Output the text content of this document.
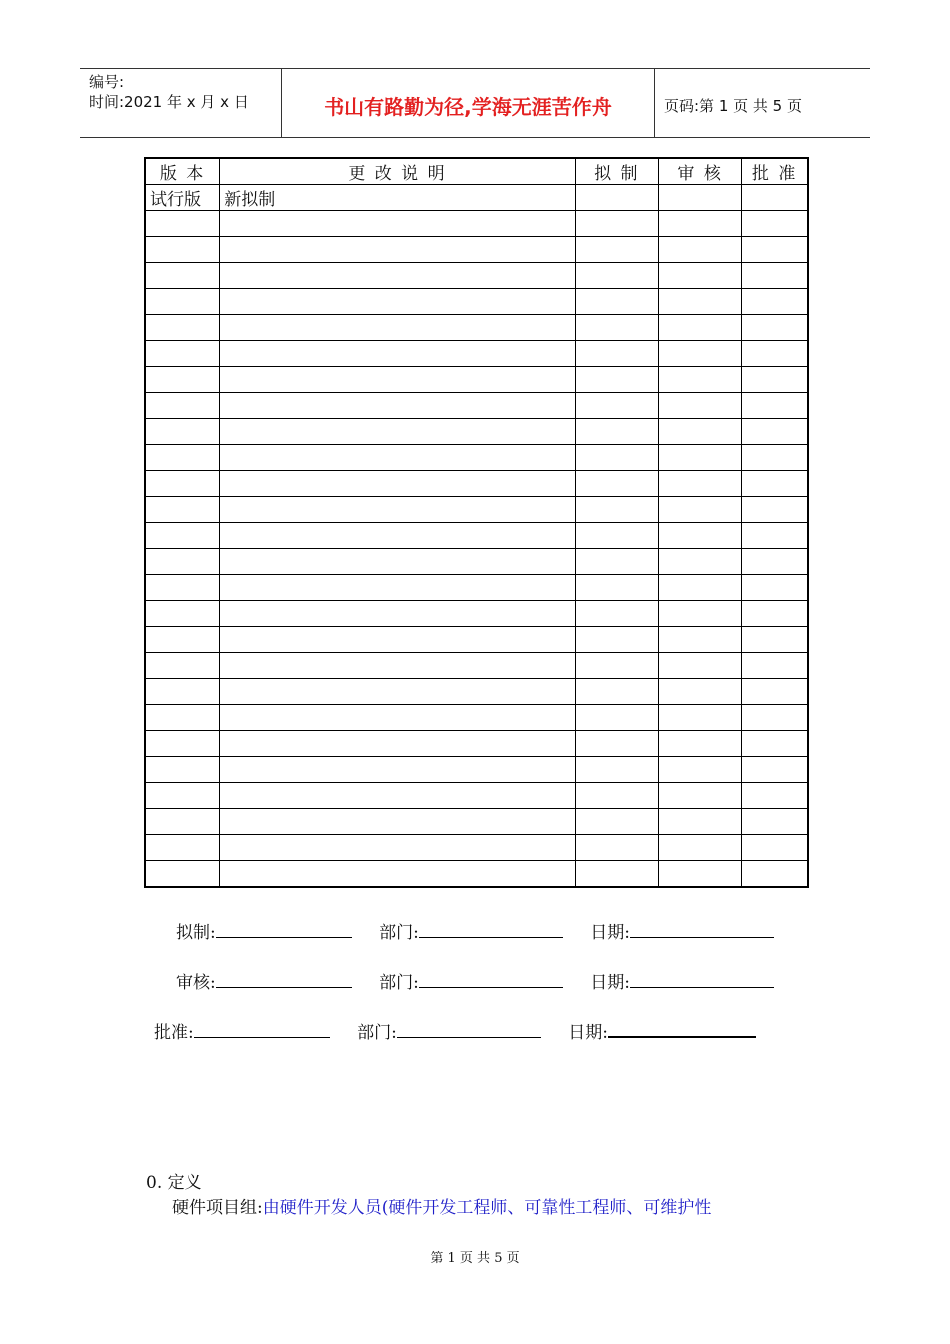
编号:
时间:2021 年 x 月 x 日	书山有路勤为径,学海无涯苦作舟	页码:第 1 页 共 5 页
版 本	更 改 说 明	拟 制	审 核	批 准
试行版	新拟制			

拟制:	部门:	日期:
审核:	部门:	日期:
批准:	部门:	日期:
0. 定义
硬件项目组:由硬件开发人员(硬件开发工程师、可靠性工程师、可维护性
第 1 页 共 5 页
